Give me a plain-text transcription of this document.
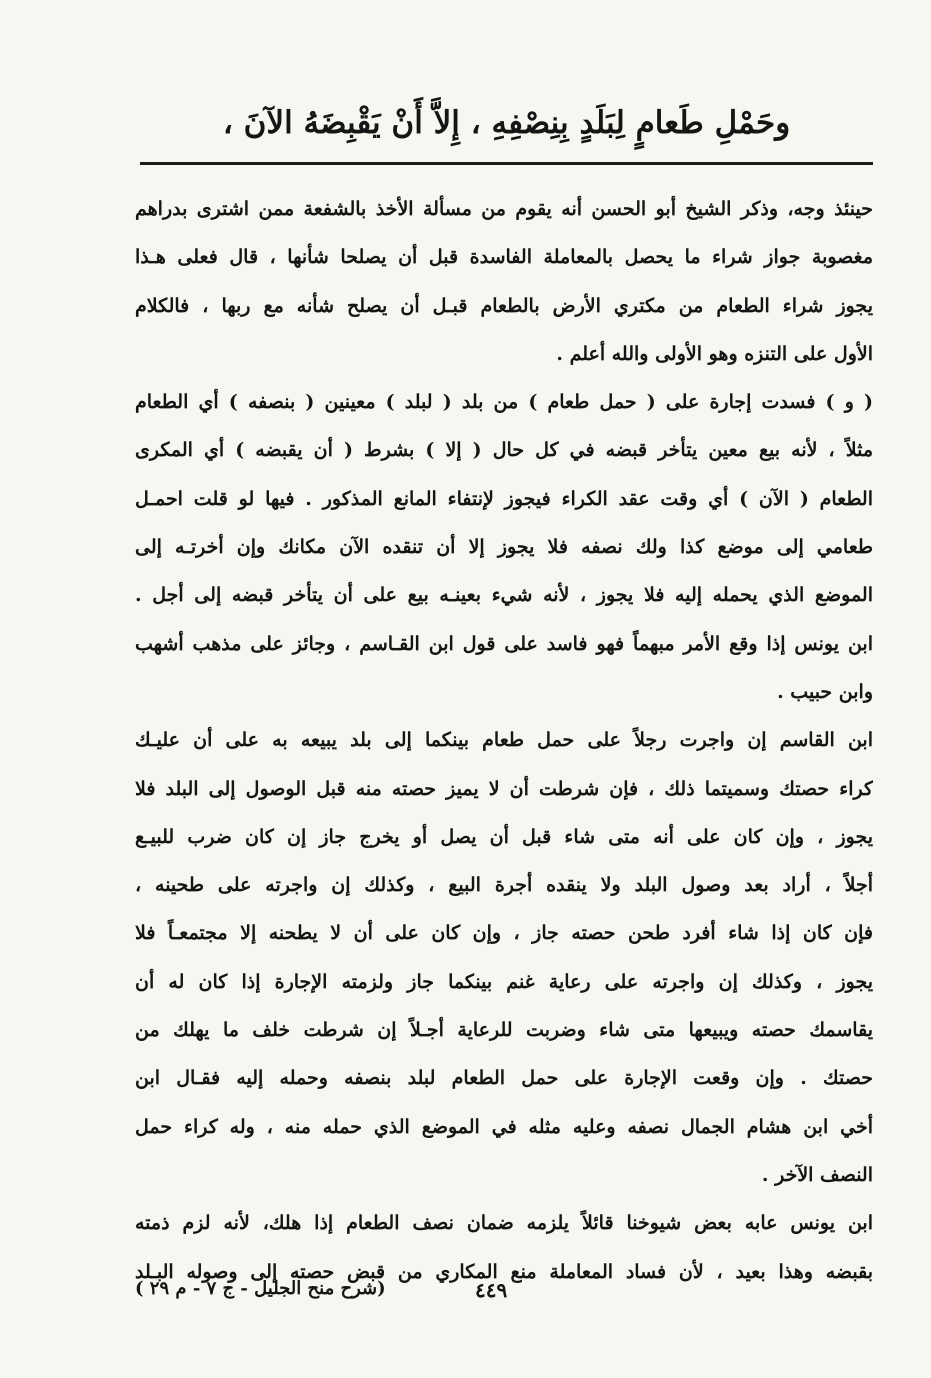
وحَمْلِ طَعامٍ لِبَلَدٍ بِنِصْفِهِ ، إِلاَّ أَنْ يَقْبِضَهُ الآنَ ،
حينئذ وجه، وذكر الشيخ أبو الحسن أنه يقوم من مسألة الأخذ بالشفعة ممن اشترى بدراهم
مغصوبة جواز شراء ما يحصل بالمعاملة الفاسدة قبل أن يصلحا شأنها ، قال فعلى هـذا
يجوز شراء الطعام من مكتري الأرض بالطعام قبـل أن يصلح شأنه مع ربها ، فالكلام
الأول على التنزه وهو الأولى والله أعلم .
( و ) فسدت إجارة على ( حمل طعام ) من بلد ( لبلد ) معينين ( بنصفه ) أي الطعام
مثلاً ، لأنه بيع معين يتأخر قبضه في كل حال ( إلا ) بشرط ( أن يقبضه ) أي المكرى
الطعام ( الآن ) أي وقت عقد الكراء فيجوز لإنتفاء المانع المذكور . فيها لو قلت احمـل
طعامي إلى موضع كذا ولك نصفه فلا يجوز إلا أن تنقده الآن مكانك وإن أخرتـه إلى
الموضع الذي يحمله إليه فلا يجوز ، لأنه شيء بعينـه بيع على أن يتأخر قبضه إلى أجل .
ابن يونس إذا وقع الأمر مبهماً فهو فاسد على قول ابن القـاسم ، وجائز على مذهب أشهب
وابن حبيب .
ابن القاسم إن واجرت رجلاً على حمل طعام بينكما إلى بلد يبيعه به على أن عليـك
كراء حصتك وسميتما ذلك ، فإن شرطت أن لا يميز حصته منه قبل الوصول إلى البلد فلا
يجوز ، وإن كان على أنه متى شاء قبل أن يصل أو يخرج جاز إن كان ضرب للبيـع
أجلاً ، أراد بعد وصول البلد ولا ينقده أجرة البيع ، وكذلك إن واجرته على طحينه ،
فإن كان إذا شاء أفرد طحن حصته جاز ، وإن كان على أن لا يطحنه إلا مجتمعـاً فلا
يجوز ، وكذلك إن واجرته على رعاية غنم بينكما جاز ولزمته الإجارة إذا كان له أن
يقاسمك حصته ويبيعها متى شاء وضربت للرعاية أجـلاً إن شرطت خلف ما يهلك من
حصتك . وإن وقعت الإجارة على حمل الطعام لبلد بنصفه وحمله إليه فقـال ابن
أخي ابن هشام الجمال نصفه وعليه مثله في الموضع الذي حمله منه ، وله كراء حمل
النصف الآخر .
ابن يونس عابه بعض شيوخنا قائلاً يلزمه ضمان نصف الطعام إذا هلك، لأنه لزم ذمته
بقبضه وهذا بعيد ، لأن فساد المعاملة منع المكاري من قبض حصته إلى وصوله البـلد
٤٤٩
(شرح منح الجليل - ج ٧ - م ٢٩ )
